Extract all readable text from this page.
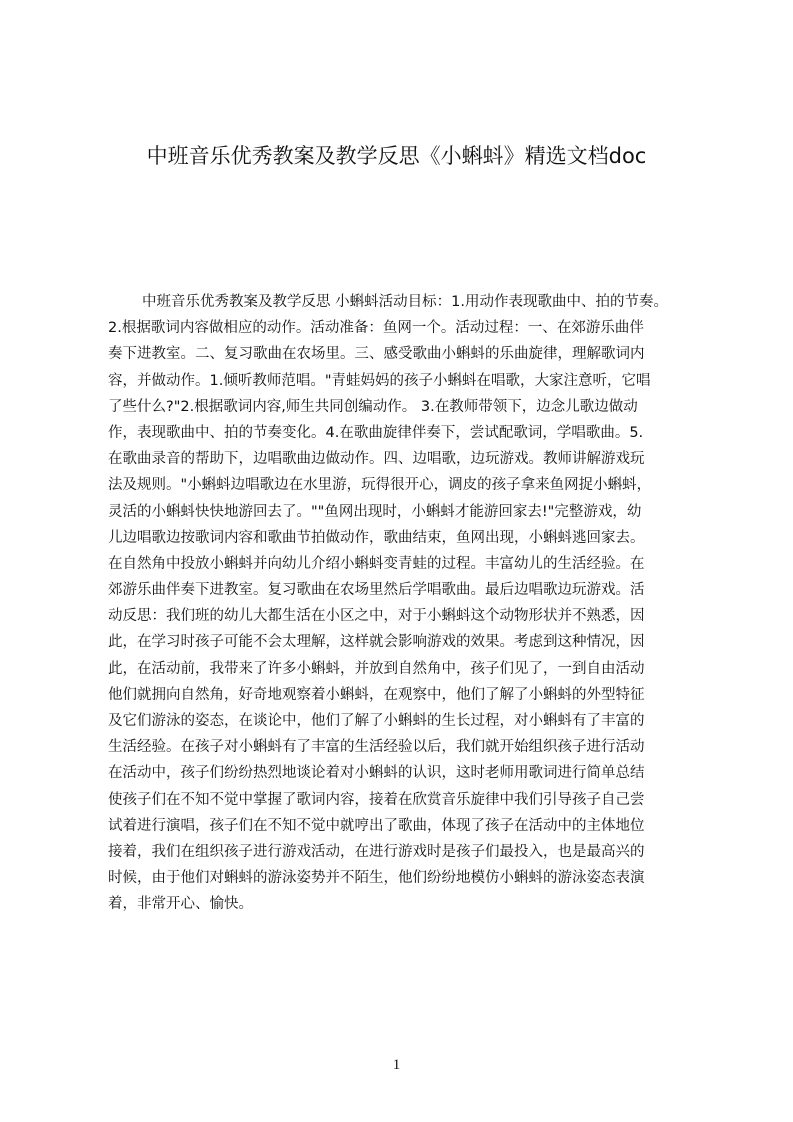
中班音乐优秀教案及教学反思《小蝌蚪》精选文档doc
中班音乐优秀教案及教学反思 小蝌蚪活动目标：1.用动作表现歌曲中、拍的节奏。
2.根据歌词内容做相应的动作。活动准备：鱼网一个。活动过程：一、在郊游乐曲伴
奏下进教室。二、复习歌曲在农场里。三、感受歌曲小蝌蚪的乐曲旋律，理解歌词内
容，并做动作。1.倾听教师范唱。"青蛙妈妈的孩子小蝌蚪在唱歌，大家注意听，它唱
了些什么?"2.根据歌词内容,师生共同创编动作。 3.在教师带领下，边念儿歌边做动
作，表现歌曲中、拍的节奏变化。4.在歌曲旋律伴奏下，尝试配歌词，学唱歌曲。5.
在歌曲录音的帮助下，边唱歌曲边做动作。四、边唱歌，边玩游戏。教师讲解游戏玩
法及规则。"小蝌蚪边唱歌边在水里游，玩得很开心，调皮的孩子拿来鱼网捉小蝌蚪，
灵活的小蝌蚪快快地游回去了。""鱼网出现时，小蝌蚪才能游回家去!"完整游戏，幼
儿边唱歌边按歌词内容和歌曲节拍做动作，歌曲结束，鱼网出现，小蝌蚪逃回家去。
在自然角中投放小蝌蚪并向幼儿介绍小蝌蚪变青蛙的过程。丰富幼儿的生活经验。在
郊游乐曲伴奏下进教室。复习歌曲在农场里然后学唱歌曲。最后边唱歌边玩游戏。活
动反思：我们班的幼儿大都生活在小区之中，对于小蝌蚪这个动物形状并不熟悉，因
此，在学习时孩子可能不会太理解，这样就会影响游戏的效果。考虑到这种情况，因
此，在活动前，我带来了许多小蝌蚪，并放到自然角中，孩子们见了，一到自由活动
他们就拥向自然角，好奇地观察着小蝌蚪，在观察中，他们了解了小蝌蚪的外型特征
及它们游泳的姿态，在谈论中，他们了解了小蝌蚪的生长过程，对小蝌蚪有了丰富的
生活经验。在孩子对小蝌蚪有了丰富的生活经验以后，我们就开始组织孩子进行活动
在活动中，孩子们纷纷热烈地谈论着对小蝌蚪的认识，这时老师用歌词进行简单总结
使孩子们在不知不觉中掌握了歌词内容，接着在欣赏音乐旋律中我们引导孩子自己尝
试着进行演唱，孩子们在不知不觉中就哼出了歌曲，体现了孩子在活动中的主体地位
接着，我们在组织孩子进行游戏活动，在进行游戏时是孩子们最投入，也是最高兴的
时候，由于他们对蝌蚪的游泳姿势并不陌生，他们纷纷地模仿小蝌蚪的游泳姿态表演
着，非常开心、愉快。
1
